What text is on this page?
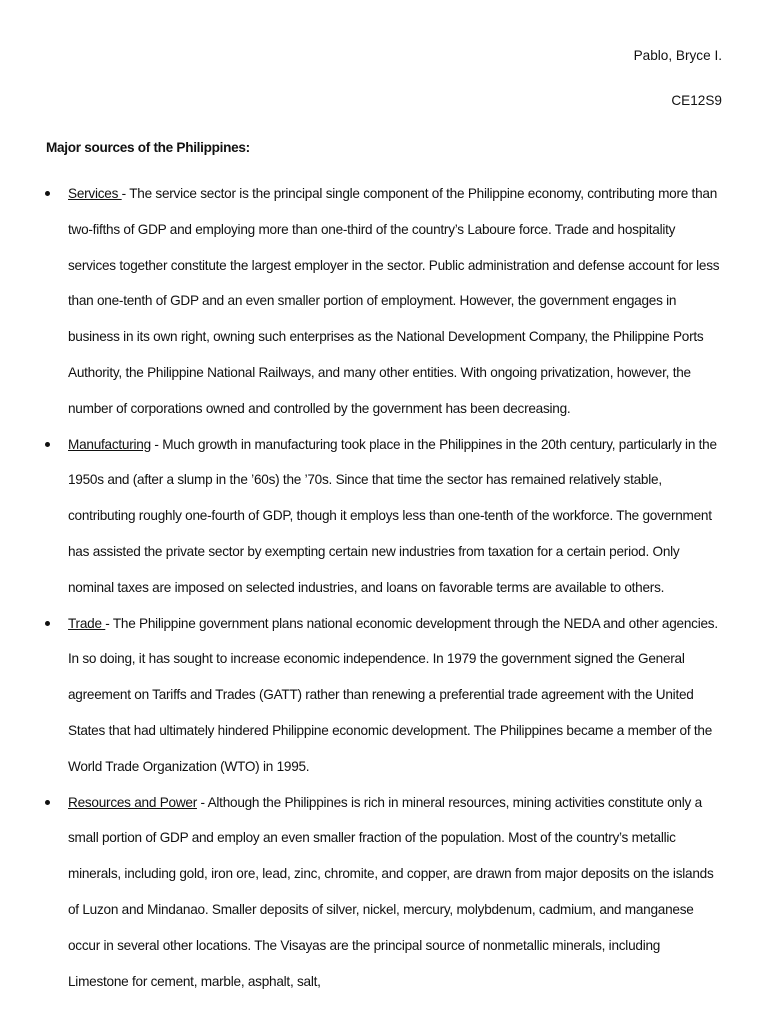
Pablo, Bryce I.

CE12S9

Major sources of the Philippines:

Services - The service sector is the principal single component of the Philippine economy, contributing more than two-fifths of GDP and employing more than one-third of the country’s Laboure force. Trade and hospitality services together constitute the largest employer in the sector. Public administration and defense account for less than one-tenth of GDP and an even smaller portion of employment. However, the government engages in business in its own right, owning such enterprises as the National Development Company, the Philippine Ports Authority, the Philippine National Railways, and many other entities. With ongoing privatization, however, the number of corporations owned and controlled by the government has been decreasing.
Manufacturing - Much growth in manufacturing took place in the Philippines in the 20th century, particularly in the 1950s and (after a slump in the ’60s) the ’70s. Since that time the sector has remained relatively stable, contributing roughly one-fourth of GDP, though it employs less than one-tenth of the workforce. The government has assisted the private sector by exempting certain new industries from taxation for a certain period. Only nominal taxes are imposed on selected industries, and loans on favorable terms are available to others.
Trade - The Philippine government plans national economic development through the NEDA and other agencies. In so doing, it has sought to increase economic independence. In 1979 the government signed the General agreement on Tariffs and Trades (GATT) rather than renewing a preferential trade agreement with the United States that had ultimately hindered Philippine economic development. The Philippines became a member of the World Trade Organization (WTO) in 1995.
Resources and Power - Although the Philippines is rich in mineral resources, mining activities constitute only a small portion of GDP and employ an even smaller fraction of the population. Most of the country’s metallic minerals, including gold, iron ore, lead, zinc, chromite, and copper, are drawn from major deposits on the islands of Luzon and Mindanao. Smaller deposits of silver, nickel, mercury, molybdenum, cadmium, and manganese occur in several other locations. The Visayas are the principal source of nonmetallic minerals, including Limestone for cement, marble, asphalt, salt,
